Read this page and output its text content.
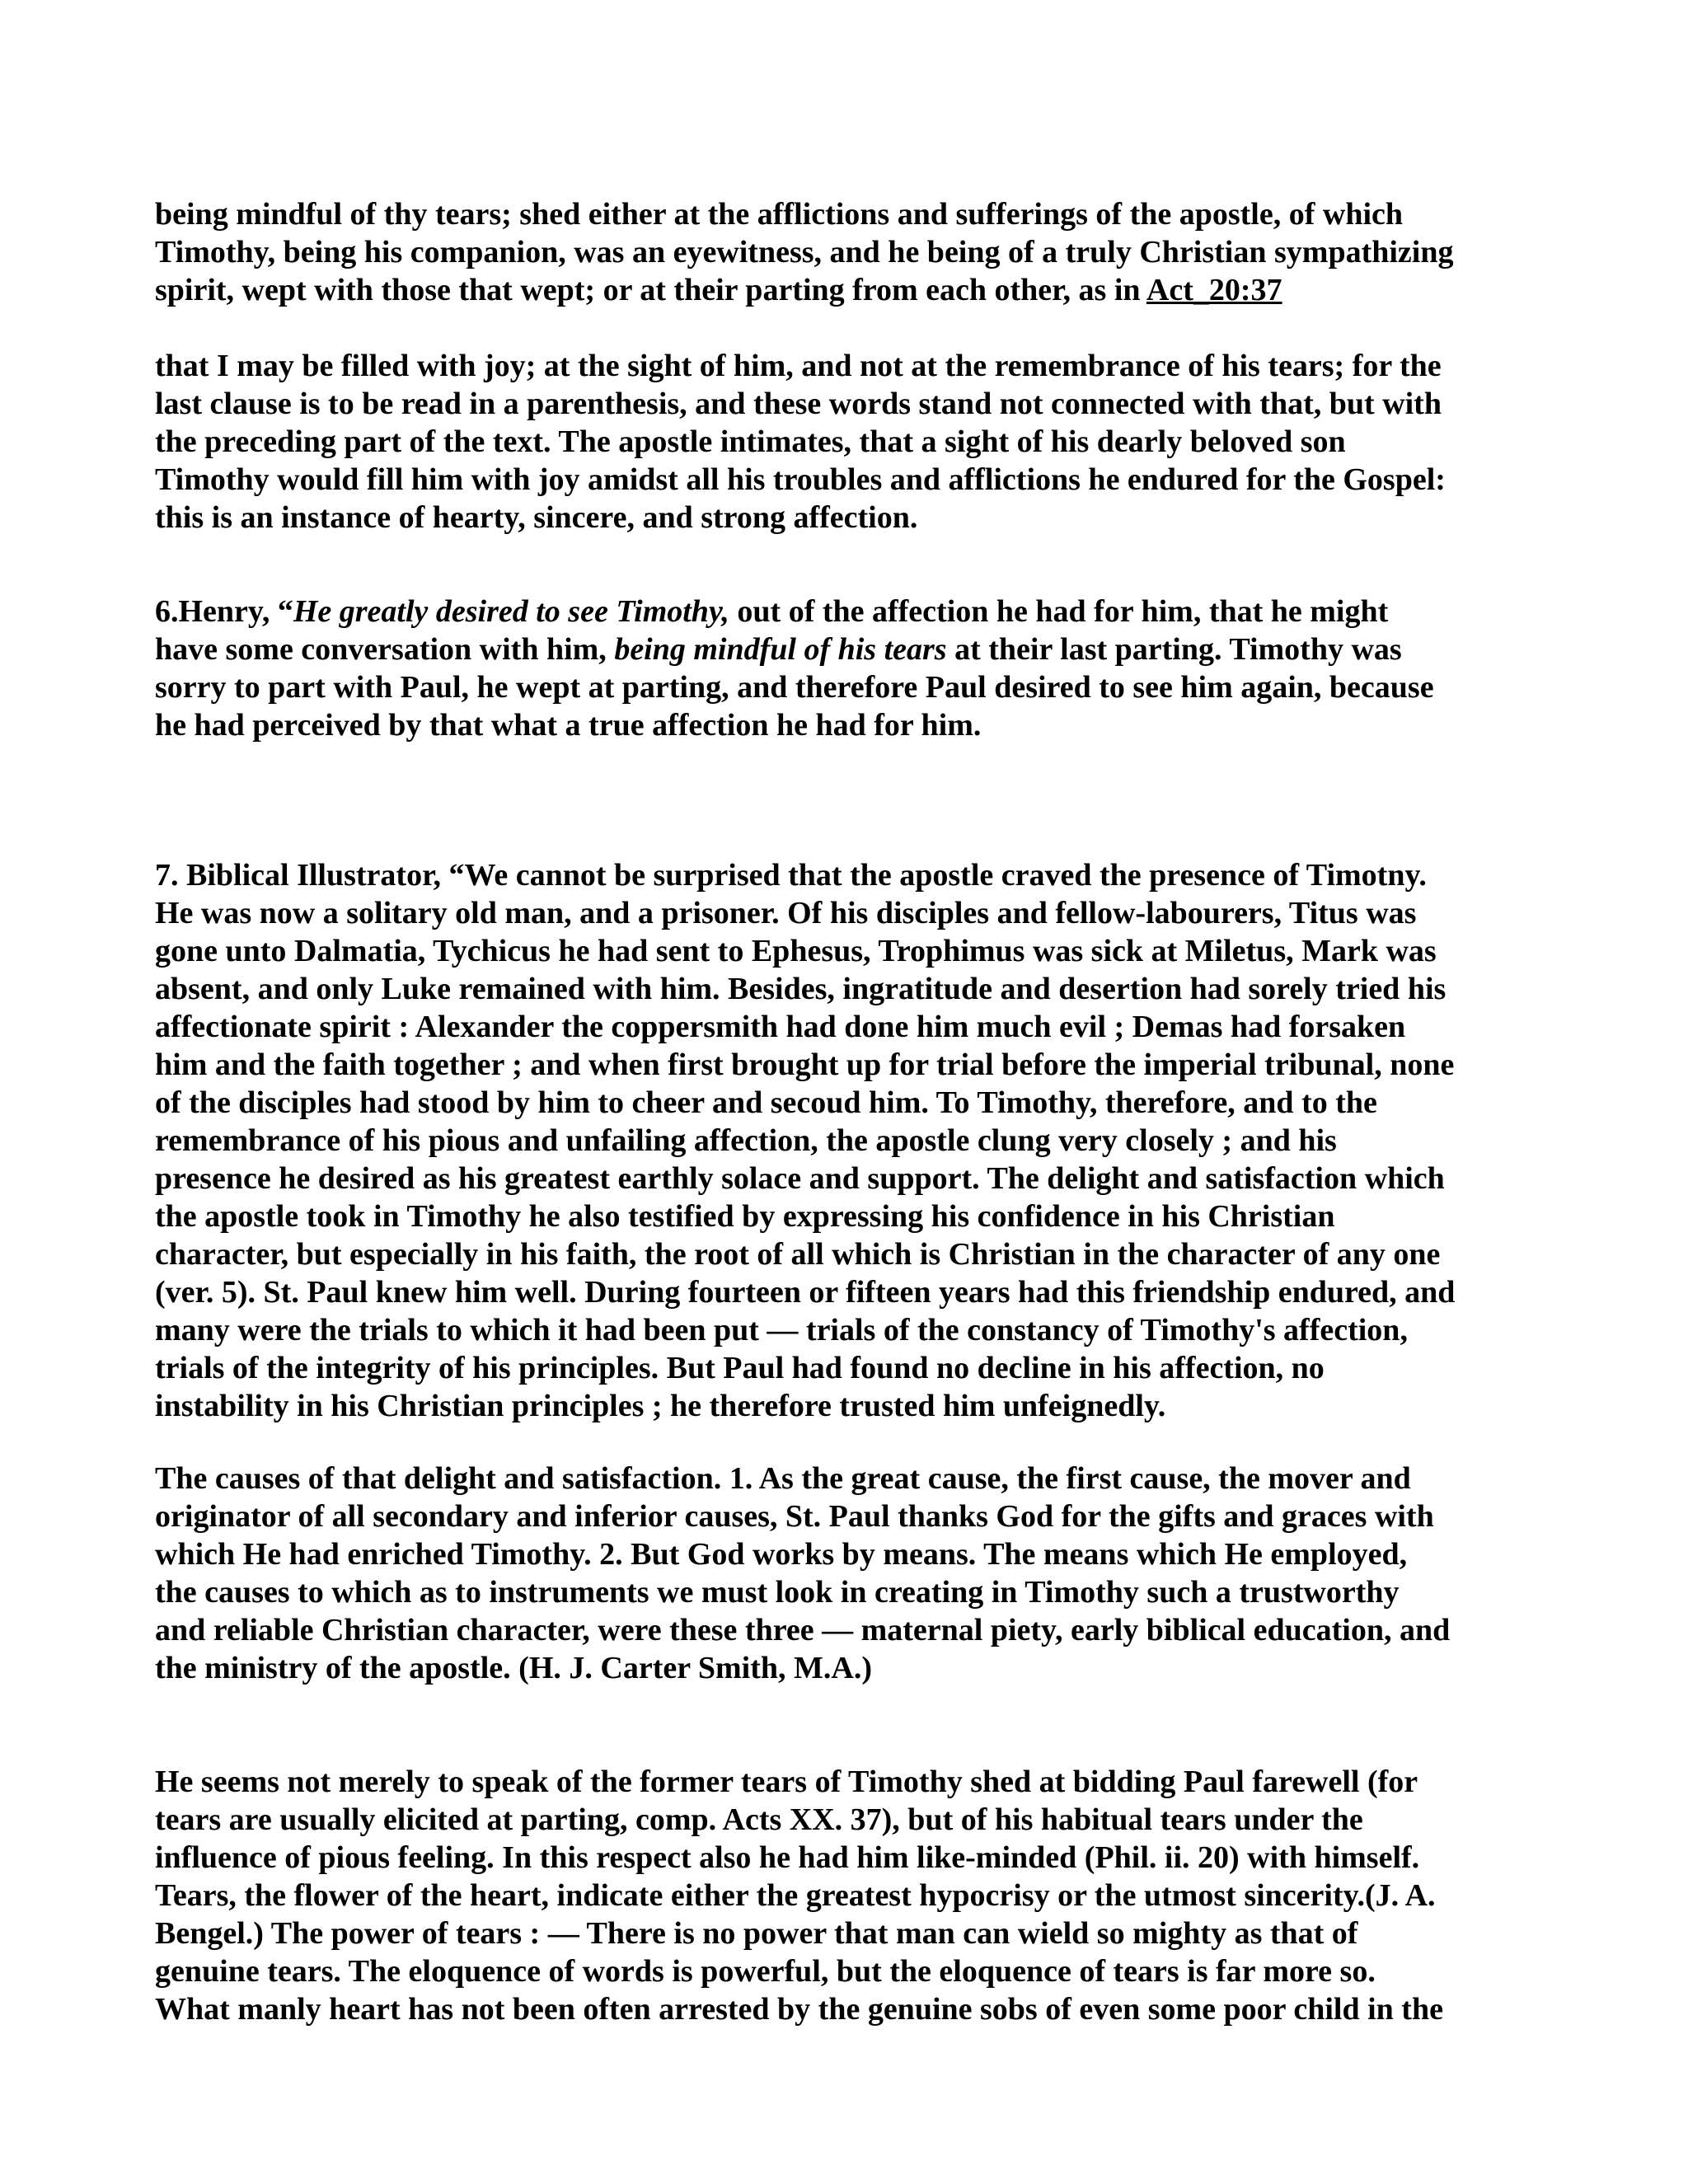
being mindful of thy tears; shed either at the afflictions and sufferings of the apostle, of which
Timothy, being his companion, was an eyewitness, and he being of a truly Christian sympathizing
spirit, wept with those that wept; or at their parting from each other, as in Act_20:37
that I may be filled with joy; at the sight of him, and not at the remembrance of his tears; for the
last clause is to be read in a parenthesis, and these words stand not connected with that, but with
the preceding part of the text. The apostle intimates, that a sight of his dearly beloved son
Timothy would fill him with joy amidst all his troubles and afflictions he endured for the Gospel:
this is an instance of hearty, sincere, and strong affection.
6.Henry, “He greatly desired to see Timothy, out of the affection he had for him, that he might
have some conversation with him, being mindful of his tears at their last parting. Timothy was
sorry to part with Paul, he wept at parting, and therefore Paul desired to see him again, because
he had perceived by that what a true affection he had for him.
7. Biblical Illustrator, “We cannot be surprised that the apostle craved the presence of Timotny.
He was now a solitary old man, and a prisoner. Of his disciples and fellow-labourers, Titus was
gone unto Dalmatia, Tychicus he had sent to Ephesus, Trophimus was sick at Miletus, Mark was
absent, and only Luke remained with him. Besides, ingratitude and desertion had sorely tried his
affectionate spirit : Alexander the coppersmith had done him much evil ; Demas had forsaken
him and the faith together ; and when first brought up for trial before the imperial tribunal, none
of the disciples had stood by him to cheer and secoud him. To Timothy, therefore, and to the
remembrance of his pious and unfailing affection, the apostle clung very closely ; and his
presence he desired as his greatest earthly solace and support. The delight and satisfaction which
the apostle took in Timothy he also testified by expressing his confidence in his Christian
character, but especially in his faith, the root of all which is Christian in the character of any one
(ver. 5). St. Paul knew him well. During fourteen or fifteen years had this friendship endured, and
many were the trials to which it had been put — trials of the constancy of Timothy's affection,
trials of the integrity of his principles. But Paul had found no decline in his affection, no
instability in his Christian principles ; he therefore trusted him unfeignedly.
The causes of that delight and satisfaction. 1. As the great cause, the first cause, the mover and
originator of all secondary and inferior causes, St. Paul thanks God for the gifts and graces with
which He had enriched Timothy. 2. But God works by means. The means which He employed,
the causes to which as to instruments we must look in creating in Timothy such a trustworthy
and reliable Christian character, were these three — maternal piety, early biblical education, and
the ministry of the apostle. (H. J. Carter Smith, M.A.)
He seems not merely to speak of the former tears of Timothy shed at bidding Paul farewell (for
tears are usually elicited at parting, comp. Acts XX. 37), but of his habitual tears under the
influence of pious feeling. In this respect also he had him like-minded (Phil. ii. 20) with himself.
Tears, the flower of the heart, indicate either the greatest hypocrisy or the utmost sincerity.(J. A.
Bengel.) The power of tears : — There is no power that man can wield so mighty as that of
genuine tears. The eloquence of words is powerful, but the eloquence of tears is far more so.
What manly heart has not been often arrested by the genuine sobs of even some poor child in the
